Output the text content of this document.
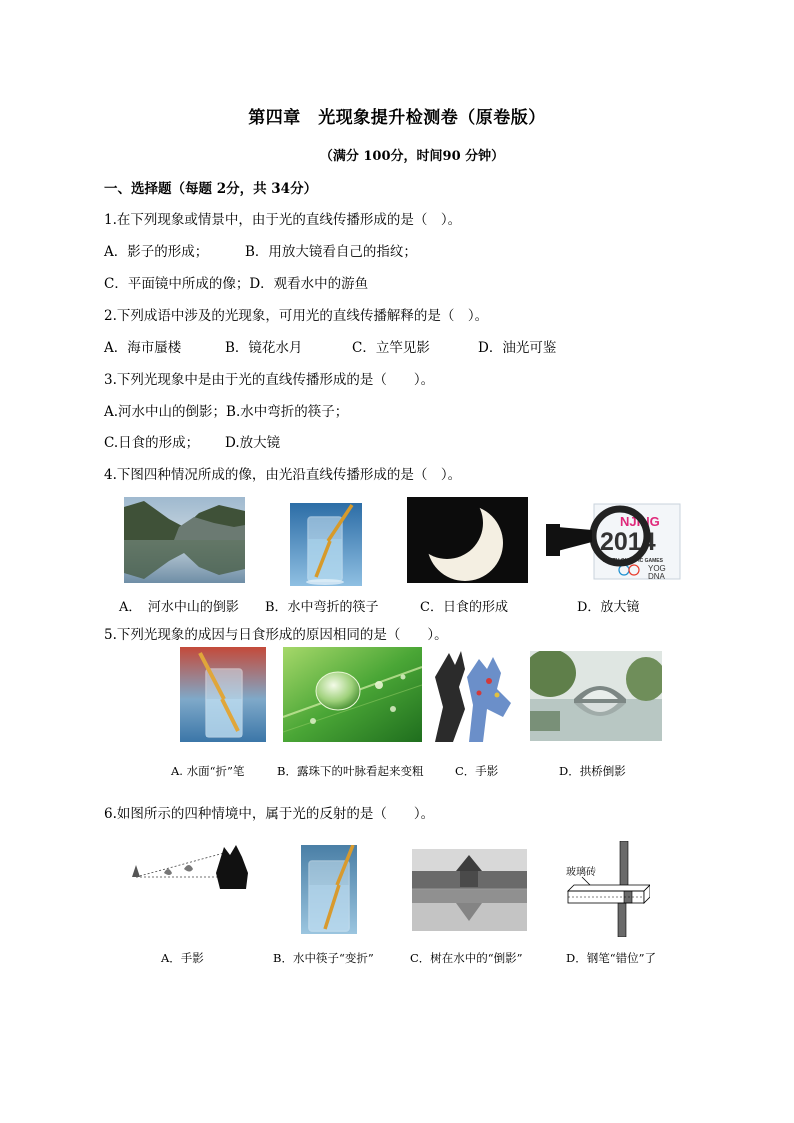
第四章　光现象提升检测卷（原卷版）
（满分 100分，时间90 分钟）
一、选择题（每题 2分，共 34分）
1.在下列现象或情景中，由于光的直线传播形成的是（　）。
A．影子的形成；	B．用放大镜看自己的指纹；
C．平面镜中所成的像；D．观看水中的游鱼
2.下列成语中涉及的光现象，可用光的直线传播解释的是（　）。
A．海市蜃楼	B．镜花水月	C．立竿见影	D．油光可鉴
3.下列光现象中是由于光的直线传播形成的是（　　）。
A.河水中山的倒影；B.水中弯折的筷子；
C.日食的形成； D.放大镜
4.下图四种情况所成的像，由光沿直线传播形成的是（　）。
NJING
2014
YOUTH OLYMPIC GAMES
YOG
DNA
A．　河水中山的倒影 B．水中弯折的筷子	C．日食的形成	D．放大镜
5.下列光现象的成因与日食形成的原因相同的是（　　）。
A. 水面“折”笔	B．露珠下的叶脉看起来变粗	C．手影	D．拱桥倒影
6.如图所示的四种情境中，属于光的反射的是（　　）。
玻璃砖
A．手影	B．水中筷子“变折”	C．树在水中的“倒影”	D．钢笔“错位”了
